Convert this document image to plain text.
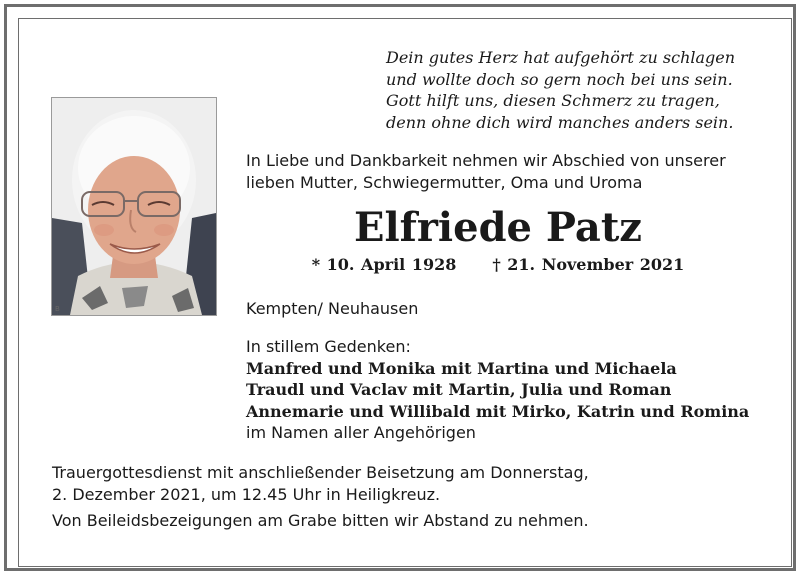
Dein gutes Herz hat aufgehört zu schlagen
und wollte doch so gern noch bei uns sein.
Gott hilft uns, diesen Schmerz zu tragen,
denn ohne dich wird manches anders sein.
B
In Liebe und Dankbarkeit nehmen wir Abschied von unserer
lieben Mutter, Schwiegermutter, Oma und Uroma
Elfriede Patz
* 10. April 1928 † 21. November 2021
Kempten/ Neuhausen
In stillem Gedenken:
Manfred und Monika mit Martina und Michaela
Traudl und Vaclav mit Martin, Julia und Roman
Annemarie und Willibald mit Mirko, Katrin und Romina
im Namen aller Angehörigen
Trauergottesdienst mit anschließender Beisetzung am Donnerstag,
2. Dezember 2021, um 12.45 Uhr in Heiligkreuz.
Von Beileidsbezeigungen am Grabe bitten wir Abstand zu nehmen.
